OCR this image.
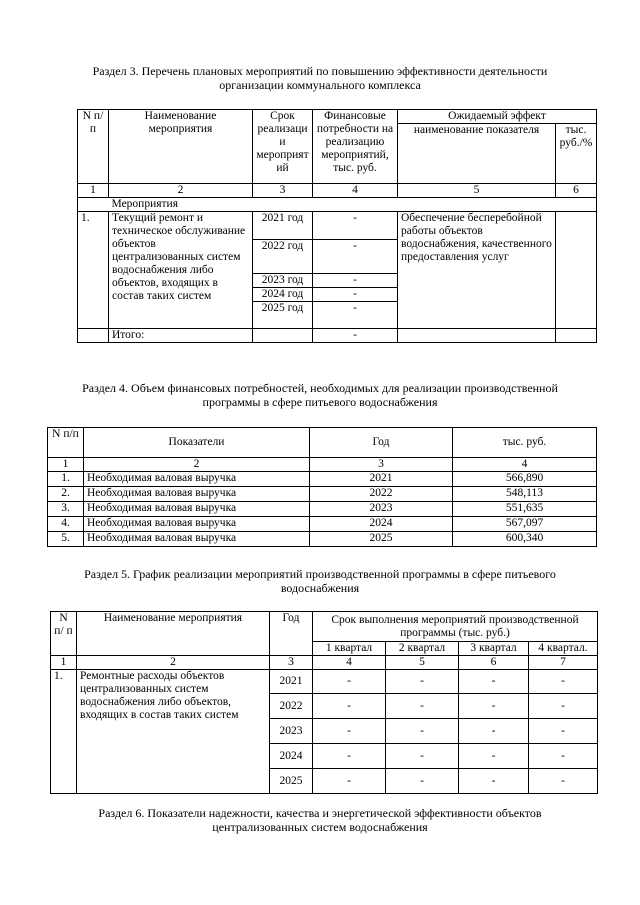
Раздел 3. Перечень плановых мероприятий по повышению эффективности деятельности
организации коммунального комплекса
N п/п	Наименование мероприятия	Срок реализаци и мероприят ий	Финансовые потребности на реализацию мероприятий, тыс. руб.	Ожидаемый эффект	
				наименование показателя	тыс. руб./%
1	2	3	4	5	6
	Мероприятия				
1.	Текущий ремонт и техническое обслуживание объектов централизованных систем водоснабжения либо объектов, входящих в состав таких систем	2021 год	-	Обеспечение бесперебойной работы объектов водоснабжения, качественного предоставления услуг	
		2022 год	-		
		2023 год	-		
		2024 год	-		
		2025 год	-		
	Итого:		-		
Раздел 4. Объем финансовых потребностей, необходимых для реализации производственной
программы в сфере питьевого водоснабжения
N п/п	Показатели	Год	тыс. руб.
1	2	3	4
1.	Необходимая валовая выручка	2021	566,890
2.	Необходимая валовая выручка	2022	548,113
3.	Необходимая валовая выручка	2023	551,635
4.	Необходимая валовая выручка	2024	567,097
5.	Необходимая валовая выручка	2025	600,340
Раздел 5. График реализации мероприятий производственной программы в сфере питьевого
водоснабжения
N п/ п	Наименование мероприятия	Год	Срок выполнения мероприятий производственной программы (тыс. руб.)			
			1 квартал	2 квартал	3 квартал	4 квартал.
1	2	3	4	5	6	7
1.	Ремонтные расходы объектов централизованных систем водоснабжения либо объектов, входящих в состав таких систем	2021	-	-	-	-
		2022	-	-	-	-
		2023	-	-	-	-
		2024	-	-	-	-
		2025	-	-	-	-
Раздел 6. Показатели надежности, качества и энергетической эффективности объектов
централизованных систем водоснабжения
